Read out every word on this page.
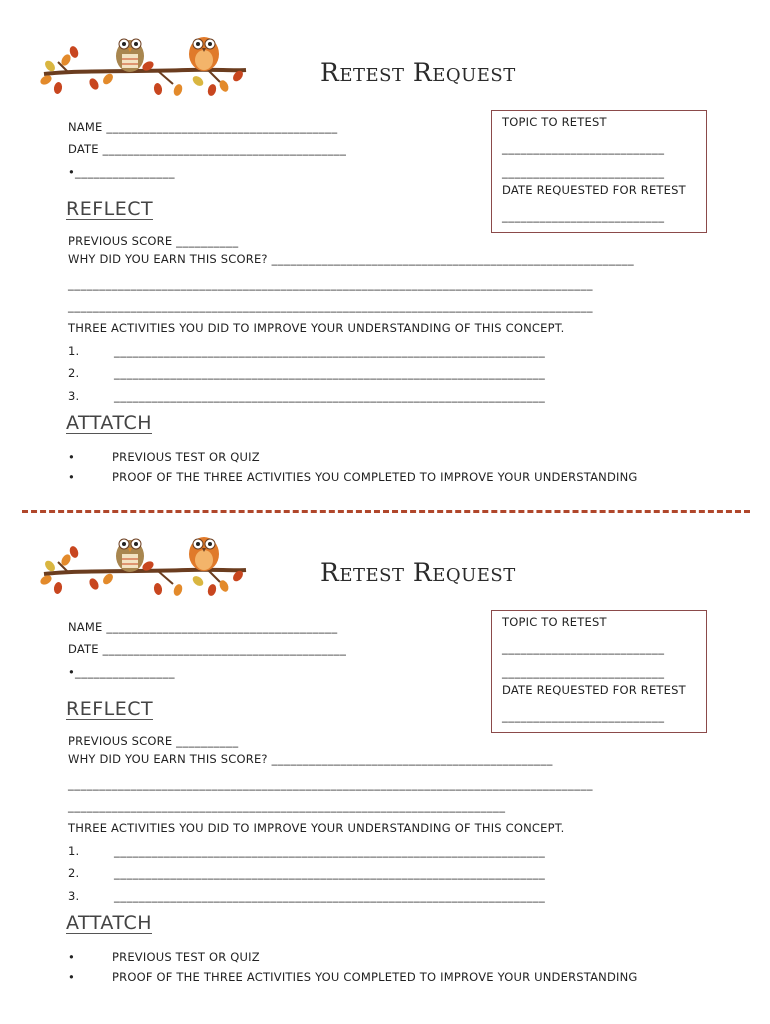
Retest Request
NAME _____________________________________
DATE _______________________________________
•________________
TOPIC TO RETEST
__________________________
__________________________
DATE REQUESTED FOR RETEST
__________________________
REFLECT
PREVIOUS SCORE __________
WHY DID YOU EARN THIS SCORE? __________________________________________________________
____________________________________________________________________________________
____________________________________________________________________________________
THREE ACTIVITIES YOU DID TO IMPROVE YOUR UNDERSTANDING OF THIS CONCEPT.
1.	_____________________________________________________________________
2.	_____________________________________________________________________
3.	_____________________________________________________________________
ATTATCH
•	PREVIOUS TEST OR QUIZ
•	PROOF OF THE THREE ACTIVITIES YOU COMPLETED TO IMPROVE YOUR UNDERSTANDING
Retest Request
NAME _____________________________________
DATE _______________________________________
•________________
TOPIC TO RETEST
__________________________
__________________________
DATE REQUESTED FOR RETEST
__________________________
REFLECT
PREVIOUS SCORE __________
WHY DID YOU EARN THIS SCORE? _____________________________________________
____________________________________________________________________________________
______________________________________________________________________
THREE ACTIVITIES YOU DID TO IMPROVE YOUR UNDERSTANDING OF THIS CONCEPT.
1.	_____________________________________________________________________
2.	_____________________________________________________________________
3.	_____________________________________________________________________
ATTATCH
•	PREVIOUS TEST OR QUIZ
•	PROOF OF THE THREE ACTIVITIES YOU COMPLETED TO IMPROVE YOUR UNDERSTANDING
